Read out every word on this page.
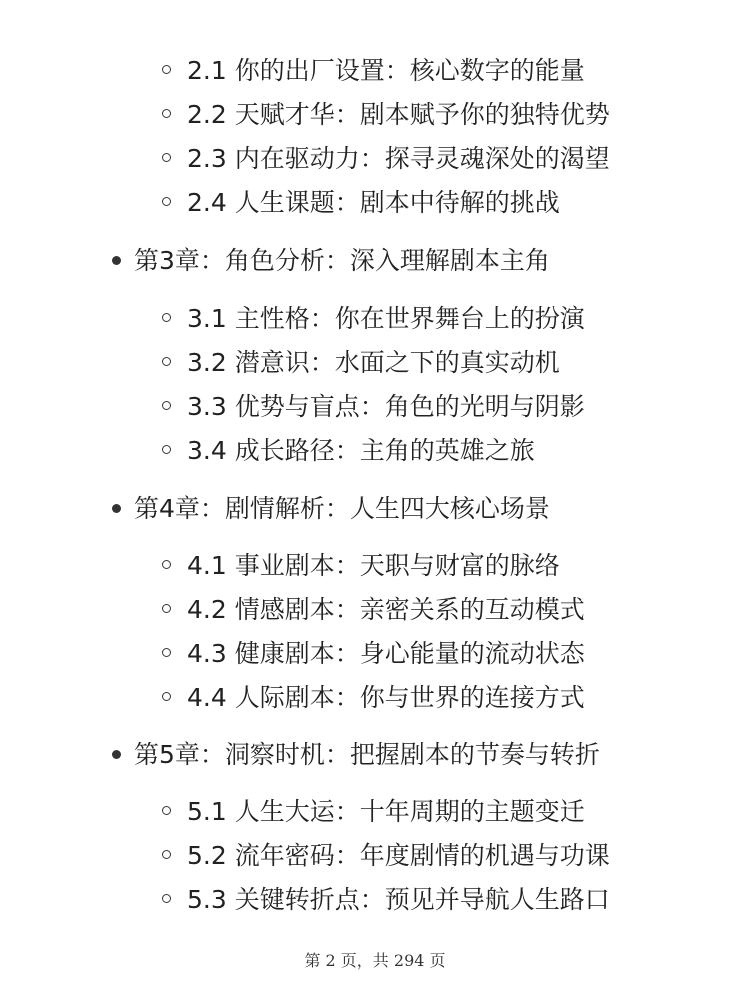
2.1 你的出厂设置：核心数字的能量
2.2 天赋才华：剧本赋予你的独特优势
2.3 内在驱动力：探寻灵魂深处的渴望
2.4 人生课题：剧本中待解的挑战
第3章：角色分析：深入理解剧本主角
3.1 主性格：你在世界舞台上的扮演
3.2 潜意识：水面之下的真实动机
3.3 优势与盲点：角色的光明与阴影
3.4 成长路径：主角的英雄之旅
第4章：剧情解析：人生四大核心场景
4.1 事业剧本：天职与财富的脉络
4.2 情感剧本：亲密关系的互动模式
4.3 健康剧本：身心能量的流动状态
4.4 人际剧本：你与世界的连接方式
第5章：洞察时机：把握剧本的节奏与转折
5.1 人生大运：十年周期的主题变迁
5.2 流年密码：年度剧情的机遇与功课
5.3 关键转折点：预见并导航人生路口
第 2 页，共 294 页
